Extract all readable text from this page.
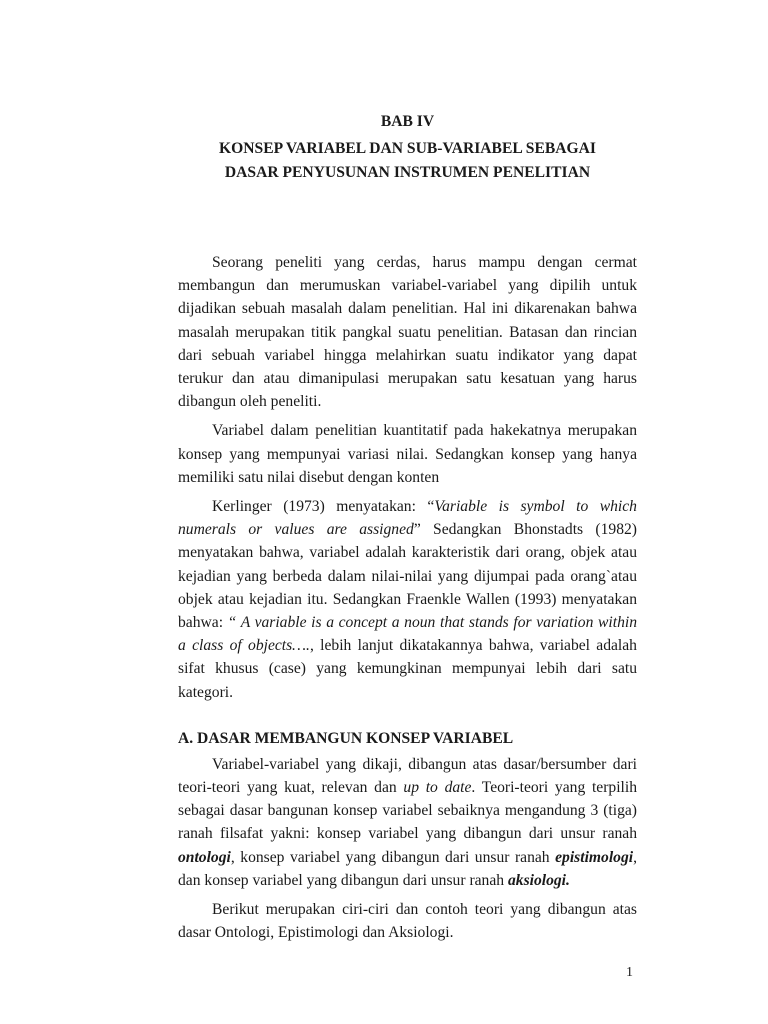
BAB IV
KONSEP VARIABEL DAN SUB-VARIABEL SEBAGAI
DASAR PENYUSUNAN INSTRUMEN PENELITIAN

Seorang peneliti yang cerdas, harus mampu dengan cermat membangun dan merumuskan variabel-variabel yang dipilih untuk dijadikan sebuah masalah dalam penelitian. Hal ini dikarenakan bahwa masalah merupakan titik pangkal suatu penelitian. Batasan dan rincian dari sebuah variabel hingga melahirkan suatu indikator yang dapat terukur dan atau dimanipulasi merupakan satu kesatuan yang harus dibangun oleh peneliti.

Variabel dalam penelitian kuantitatif pada hakekatnya merupakan konsep yang mempunyai variasi nilai. Sedangkan konsep yang hanya memiliki satu nilai disebut dengan konten

Kerlinger (1973) menyatakan: “Variable is symbol to which numerals or values are assigned” Sedangkan Bhonstadts (1982) menyatakan bahwa, variabel adalah karakteristik dari orang, objek atau kejadian yang berbeda dalam nilai-nilai yang dijumpai pada orang`atau objek atau kejadian itu. Sedangkan Fraenkle Wallen (1993) menyatakan bahwa: “ A variable is a concept a noun that stands for variation within a class of objects…., lebih lanjut dikatakannya bahwa, variabel adalah sifat khusus (case) yang kemungkinan mempunyai lebih dari satu kategori.

A. DASAR MEMBANGUN KONSEP VARIABEL

Variabel-variabel yang dikaji, dibangun atas dasar/bersumber dari teori-teori yang kuat, relevan dan up to date. Teori-teori yang terpilih sebagai dasar bangunan konsep variabel sebaiknya mengandung 3 (tiga) ranah filsafat yakni: konsep variabel yang dibangun dari unsur ranah ontologi, konsep variabel yang dibangun dari unsur ranah epistimologi, dan konsep variabel yang dibangun dari unsur ranah aksiologi.

Berikut merupakan ciri-ciri dan contoh teori yang dibangun atas dasar Ontologi, Epistimologi dan Aksiologi.

1
